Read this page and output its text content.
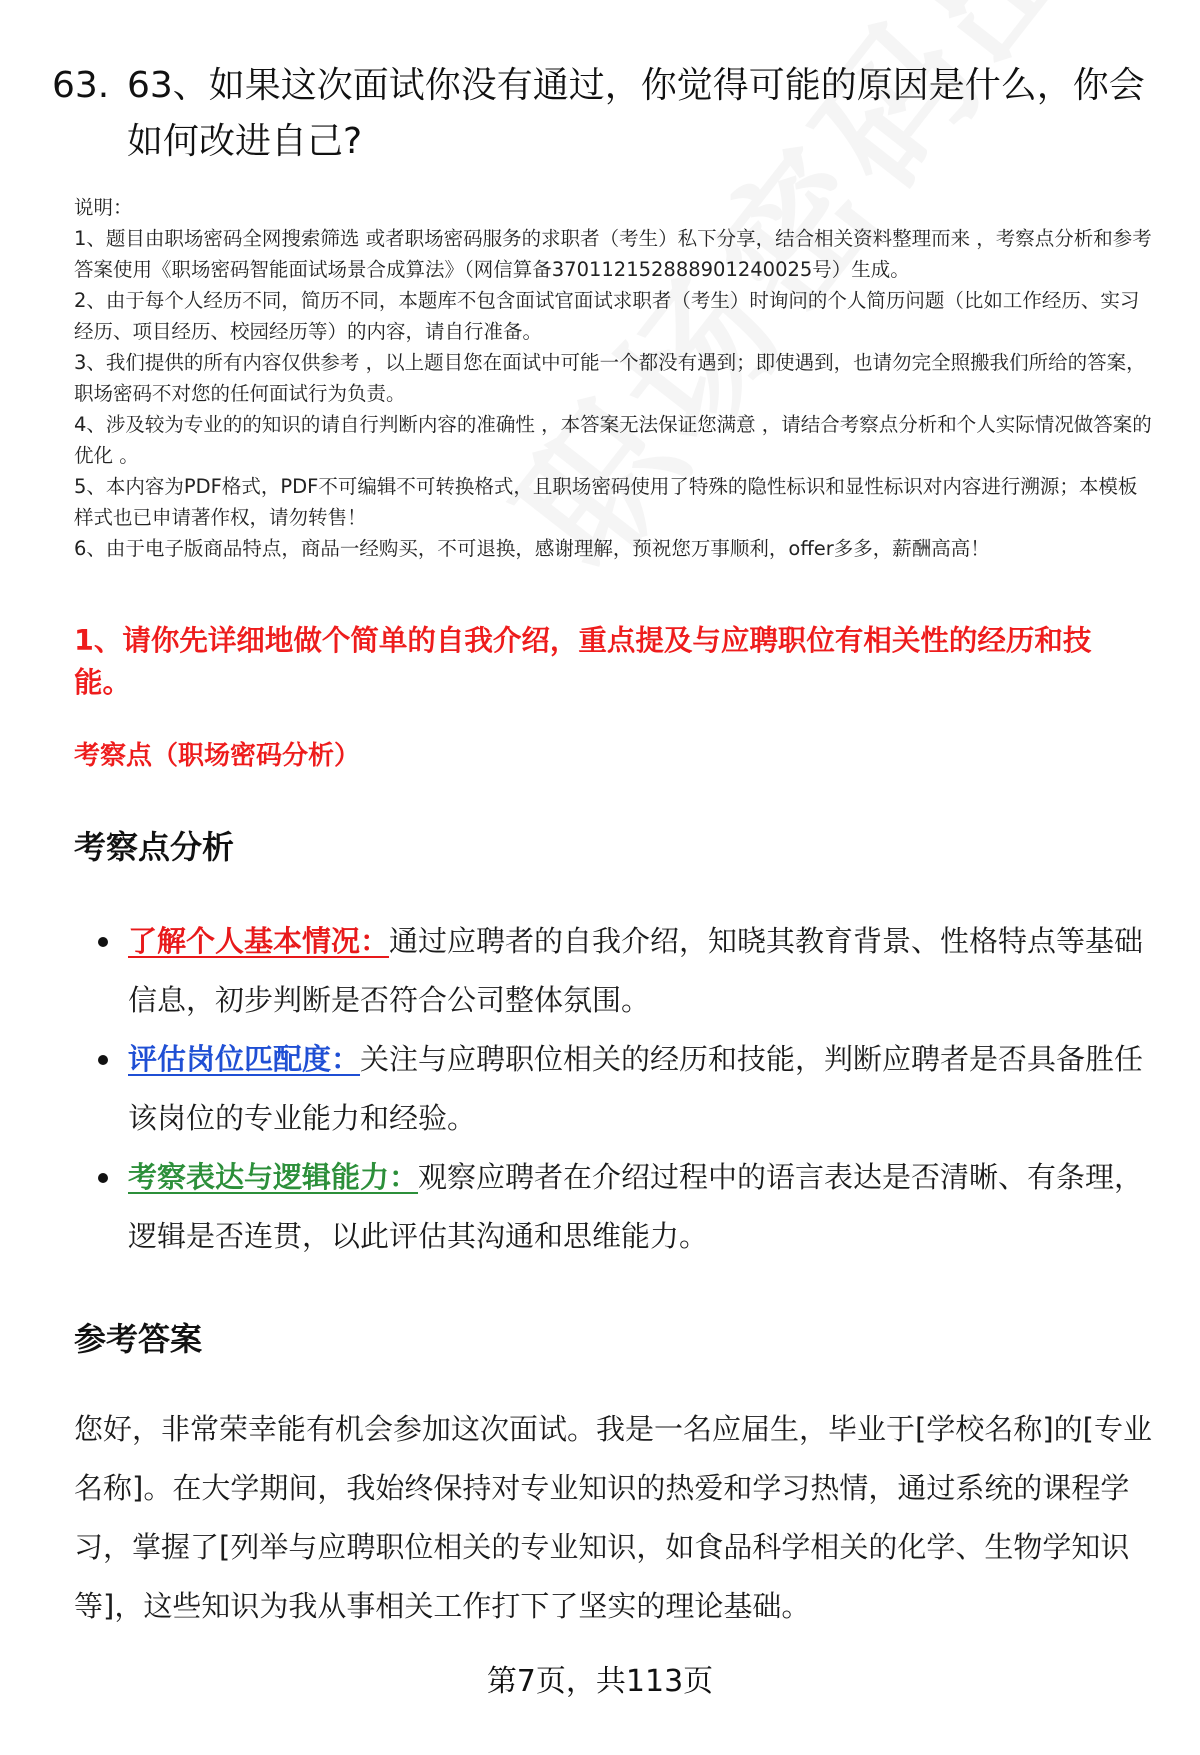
63. 63、如果这次面试你没有通过，你觉得可能的原因是什么，你会
如何改进自己?

说明：

1、题目由职场密码全网搜索筛选 或者职场密码服务的求职者（考生）私下分享，结合相关资料整理而来 ，考察点分析和参考答案使用《职场密码智能面试场景合成算法》（网信算备370112152888901240025号）生成。

2、由于每个人经历不同，简历不同，本题库不包含面试官面试求职者（考生）时询问的个人简历问题（比如工作经历、实习经历、项目经历、校园经历等）的内容，请自行准备。

3、我们提供的所有内容仅供参考 ，以上题目您在面试中可能一个都没有遇到；即使遇到，也请勿完全照搬我们所给的答案，职场密码不对您的任何面试行为负责。

4、涉及较为专业的的知识的请自行判断内容的准确性 ，本答案无法保证您满意 ，请结合考察点分析和个人实际情况做答案的优化 。

5、本内容为PDF格式，PDF不可编辑不可转换格式，且职场密码使用了特殊的隐性标识和显性标识对内容进行溯源；本模板样式也已申请著作权，请勿转售！

6、由于电子版商品特点，商品一经购买，不可退换，感谢理解，预祝您万事顺利，offer多多，薪酬高高！

1、请你先详细地做个简单的自我介绍，重点提及与应聘职位有相关性的经历和技能。
考察点（职场密码分析）
考察点分析
了解个人基本情况：通过应聘者的自我介绍，知晓其教育背景、性格特点等基础信息，初步判断是否符合公司整体氛围。
评估岗位匹配度：关注与应聘职位相关的经历和技能，判断应聘者是否具备胜任该岗位的专业能力和经验。
考察表达与逻辑能力：观察应聘者在介绍过程中的语言表达是否清晰、有条理，逻辑是否连贯，以此评估其沟通和思维能力。
参考答案

您好，非常荣幸能有机会参加这次面试。我是一名应届生，毕业于[学校名称]的[专业名称]。在大学期间，我始终保持对专业知识的热爱和学习热情，通过系统的课程学习，掌握了[列举与应聘职位相关的专业知识，如食品科学相关的化学、生物学知识等]，这些知识为我从事相关工作打下了坚实的理论基础。

第7页，共113页
